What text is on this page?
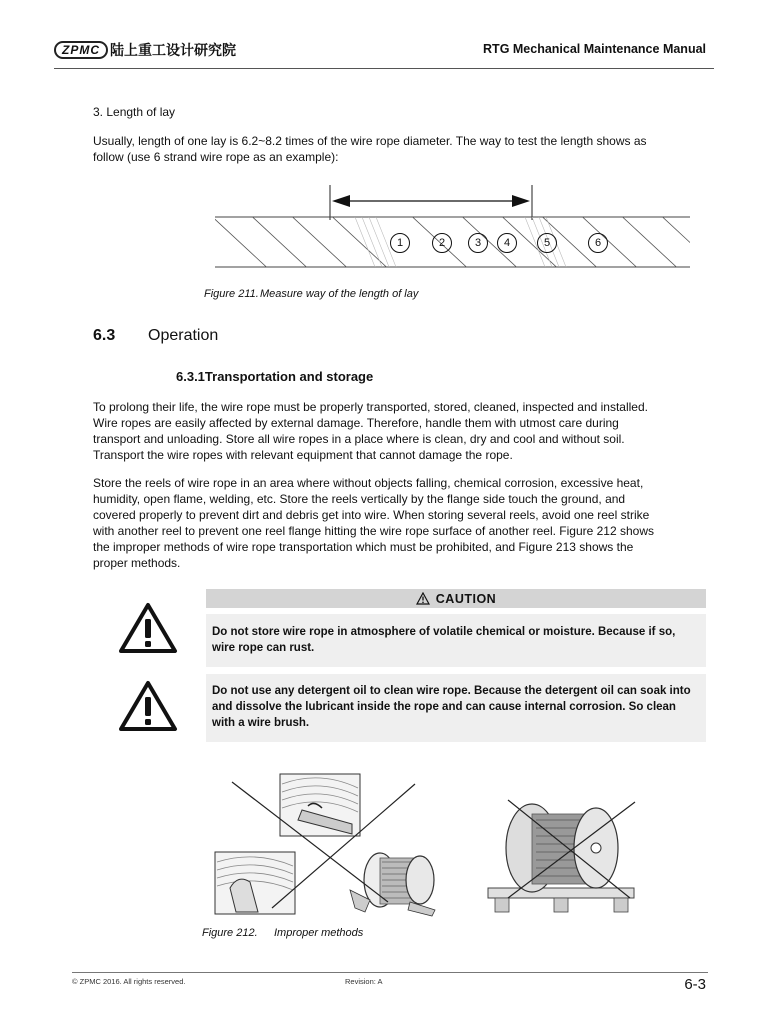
ZPMC 陆上重工设计研究院	RTG Mechanical Maintenance Manual
3. Length of lay
Usually, length of one lay is 6.2~8.2 times of the wire rope diameter. The way to test the length shows as
follow (use 6 strand wire rope as an example):
1	2	3	4	5	6
Figure 211.Measure way of the length of lay
6.3 Operation
6.3.1Transportation and storage
To prolong their life, the wire rope must be properly transported, stored, cleaned, inspected and installed.
Wire ropes are easily affected by external damage. Therefore, handle them with utmost care during
transport and unloading. Store all wire ropes in a place where is clean, dry and cool and without soil.
Transport the wire ropes with relevant equipment that cannot damage the rope.
Store the reels of wire rope in an area where without objects falling, chemical corrosion, excessive heat,
humidity, open flame, welding, etc. Store the reels vertically by the flange side touch the ground, and
covered properly to prevent dirt and debris get into wire. When storing several reels, avoid one reel strike
with another reel to prevent one reel flange hitting the wire rope surface of another reel. Figure 212 shows
the improper methods of wire rope transportation which must be prohibited, and Figure 213 shows the
proper methods.
CAUTION
Do not store wire rope in atmosphere of volatile chemical or moisture. Because if so,
wire rope can rust.
Do not use any detergent oil to clean wire rope. Because the detergent oil can soak into
and dissolve the lubricant inside the rope and can cause internal corrosion. So clean
with a wire brush.
Figure 212. Improper methods
© ZPMC 2016. All rights reserved.	Revision: A	6-3
